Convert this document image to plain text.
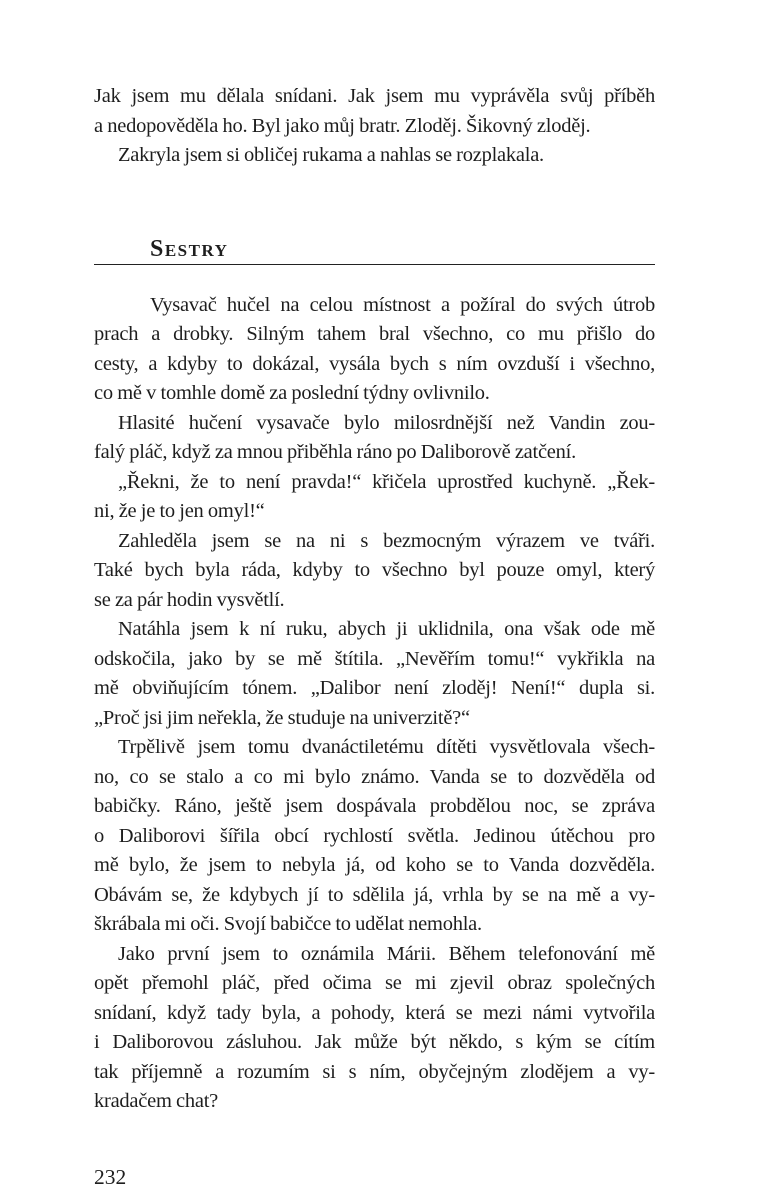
Jak jsem mu dělala snídani. Jak jsem mu vyprávěla svůj příběh
a nedopověděla ho. Byl jako můj bratr. Zloděj. Šikovný zloděj.
Zakryla jsem si obličej rukama a nahlas se rozplakala.
Sestry
Vysavač hučel na celou místnost a požíral do svých útrob
prach a drobky. Silným tahem bral všechno, co mu přišlo do
cesty, a kdyby to dokázal, vysála bych s ním ovzduší i všechno,
co mě v tomhle domě za poslední týdny ovlivnilo.
Hlasité hučení vysavače bylo milosrdnější než Vandin zou-
falý pláč, když za mnou přiběhla ráno po Daliborově zatčení.
„Řekni, že to není pravda!“ křičela uprostřed kuchyně. „Řek-
ni, že je to jen omyl!“
Zahleděla jsem se na ni s bezmocným výrazem ve tváři.
Také bych byla ráda, kdyby to všechno byl pouze omyl, který
se za pár hodin vysvětlí.
Natáhla jsem k ní ruku, abych ji uklidnila, ona však ode mě
odskočila, jako by se mě štítila. „Nevěřím tomu!“ vykřikla na
mě obviňujícím tónem. „Dalibor není zloděj! Není!“ dupla si.
„Proč jsi jim neřekla, že studuje na univerzitě?“
Trpělivě jsem tomu dvanáctiletému dítěti vysvětlovala všech-
no, co se stalo a co mi bylo známo. Vanda se to dozvěděla od
babičky. Ráno, ještě jsem dospávala probdělou noc, se zpráva
o Daliborovi šířila obcí rychlostí světla. Jedinou útěchou pro
mě bylo, že jsem to nebyla já, od koho se to Vanda dozvěděla.
Obávám se, že kdybych jí to sdělila já, vrhla by se na mě a vy-
škrábala mi oči. Svojí babičce to udělat nemohla.
Jako první jsem to oznámila Márii. Během telefonování mě
opět přemohl pláč, před očima se mi zjevil obraz společných
snídaní, když tady byla, a pohody, která se mezi námi vytvořila
i Daliborovou zásluhou. Jak může být někdo, s kým se cítím
tak příjemně a rozumím si s ním, obyčejným zlodějem a vy-
kradačem chat?
232
